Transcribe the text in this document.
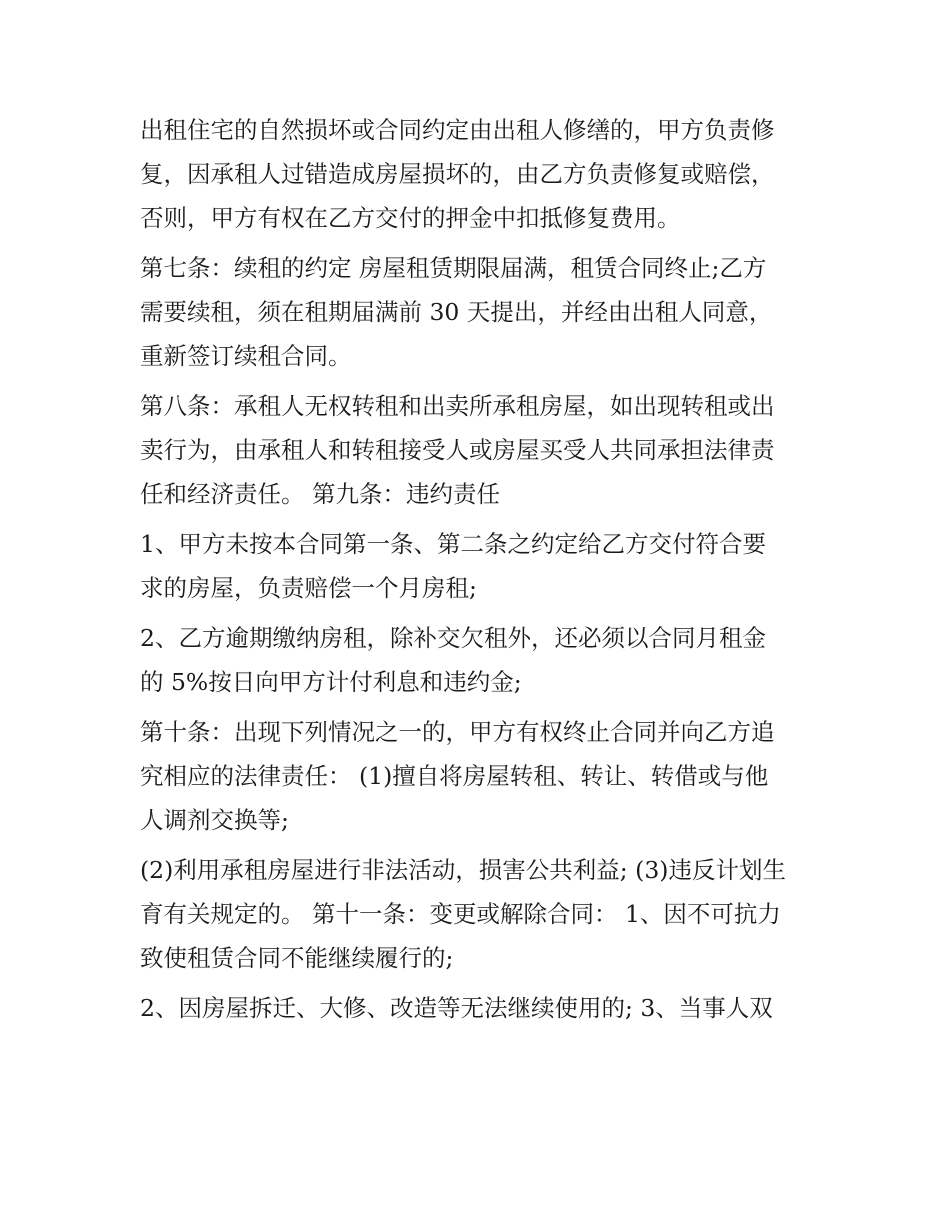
出租住宅的自然损坏或合同约定由出租人修缮的，甲方负责修
复，因承租人过错造成房屋损坏的，由乙方负责修复或赔偿，
否则，甲方有权在乙方交付的押金中扣抵修复费用。
第七条：续租的约定 房屋租赁期限届满，租赁合同终止;乙方
需要续租，须在租期届满前 30 天提出，并经由出租人同意，
重新签订续租合同。
第八条：承租人无权转租和出卖所承租房屋，如出现转租或出
卖行为，由承租人和转租接受人或房屋买受人共同承担法律责
任和经济责任。 第九条：违约责任
1、甲方未按本合同第一条、第二条之约定给乙方交付符合要
求的房屋，负责赔偿一个月房租;
2、乙方逾期缴纳房租，除补交欠租外，还必须以合同月租金
的 5%按日向甲方计付利息和违约金;
第十条：出现下列情况之一的，甲方有权终止合同并向乙方追
究相应的法律责任： (1)擅自将房屋转租、转让、转借或与他
人调剂交换等;
(2)利用承租房屋进行非法活动，损害公共利益; (3)违反计划生
育有关规定的。 第十一条：变更或解除合同： 1、因不可抗力
致使租赁合同不能继续履行的;
2、因房屋拆迁、大修、改造等无法继续使用的; 3、当事人双
